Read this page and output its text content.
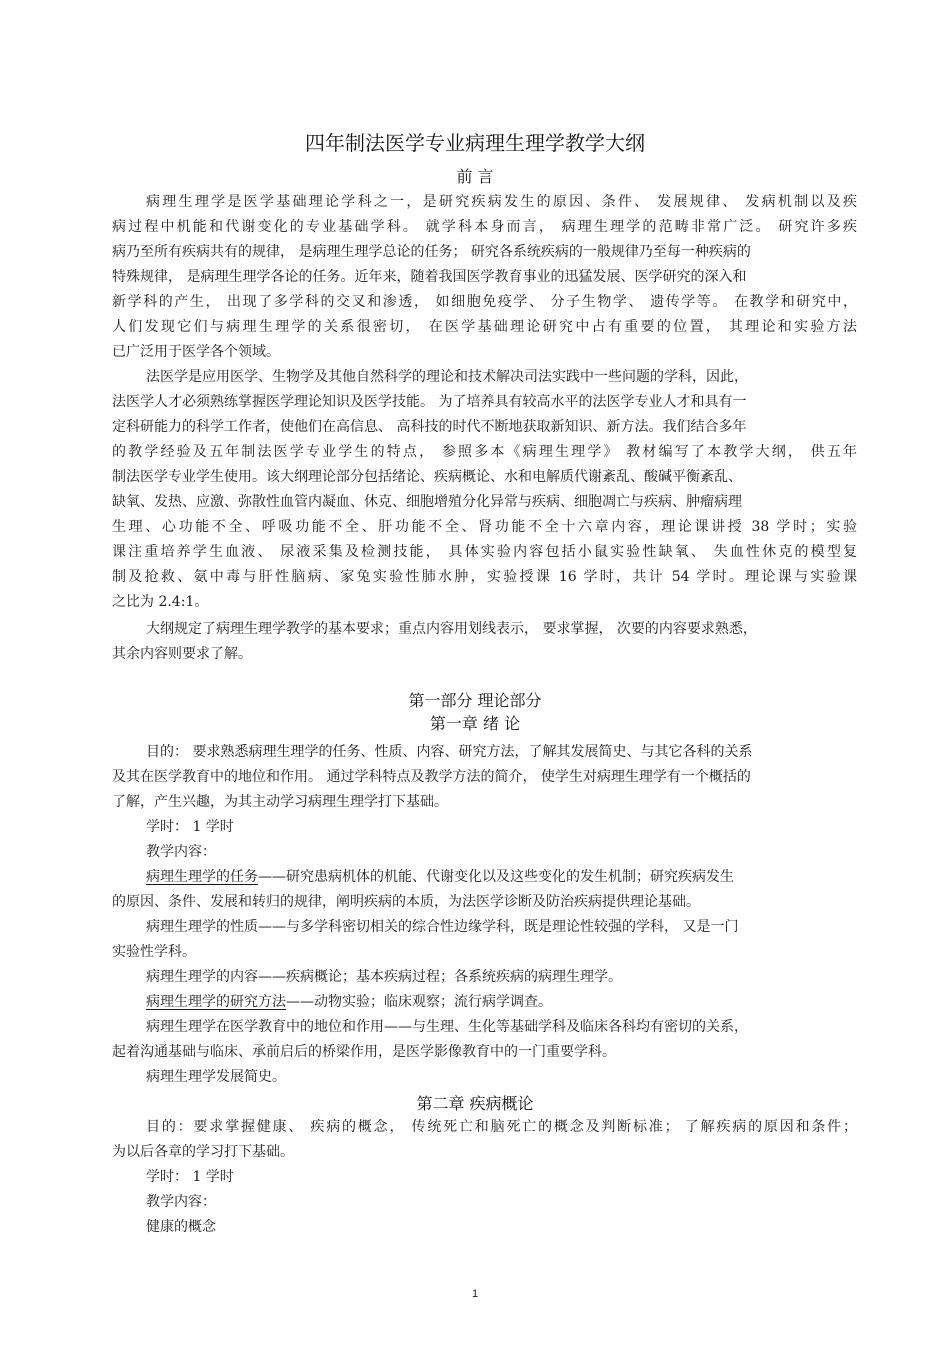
四年制法医学专业病理生理学教学大纲
前 言
病理生理学是医学基础理论学科之一，是研究疾病发生的原因、条件、 发展规律、 发病机制以及疾
病过程中机能和代谢变化的专业基础学科。 就学科本身而言， 病理生理学的范畴非常广泛。 研究许多疾
病乃至所有疾病共有的规律， 是病理生理学总论的任务； 研究各系统疾病的一般规律乃至每一种疾病的
特殊规律， 是病理生理学各论的任务。近年来，随着我国医学教育事业的迅猛发展、医学研究的深入和
新学科的产生， 出现了多学科的交叉和渗透， 如细胞免疫学、 分子生物学、 遗传学等。 在教学和研究中，
人们发现它们与病理生理学的关系很密切， 在医学基础理论研究中占有重要的位置， 其理论和实验方法
已广泛用于医学各个领域。
法医学是应用医学、生物学及其他自然科学的理论和技术解决司法实践中一些问题的学科，因此，
法医学人才必须熟练掌握医学理论知识及医学技能。 为了培养具有较高水平的法医学专业人才和具有一
定科研能力的科学工作者，使他们在高信息、 高科技的时代不断地获取新知识、新方法。我们结合多年
的教学经验及五年制法医学专业学生的特点， 参照多本《病理生理学》 教材编写了本教学大纲， 供五年
制法医学专业学生使用。该大纲理论部分包括绪论、疾病概论、水和电解质代谢紊乱、酸碱平衡紊乱、
缺氧、发热、应激、弥散性血管内凝血、休克、细胞增殖分化异常与疾病、细胞凋亡与疾病、肿瘤病理
生理、心功能不全、呼吸功能不全、肝功能不全、肾功能不全十六章内容，理论课讲授 38 学时；实验
课注重培养学生血液、 尿液采集及检测技能， 具体实验内容包括小鼠实验性缺氧、 失血性休克的模型复
制及抢救、氨中毒与肝性脑病、家兔实验性肺水肿，实验授课 16 学时，共计 54 学时。理论课与实验课
之比为 2.4:1。
大纲规定了病理生理学教学的基本要求；重点内容用划线表示， 要求掌握， 次要的内容要求熟悉，
其余内容则要求了解。
第一部分 理论部分
第一章 绪 论
目的： 要求熟悉病理生理学的任务、性质、内容、研究方法，了解其发展简史、与其它各科的关系
及其在医学教育中的地位和作用。 通过学科特点及教学方法的简介， 使学生对病理生理学有一个概括的
了解，产生兴趣，为其主动学习病理生理学打下基础。
学时： 1 学时
教学内容：
病理生理学的任务——研究患病机体的机能、代谢变化以及这些变化的发生机制；研究疾病发生
的原因、条件、发展和转归的规律，阐明疾病的本质，为法医学诊断及防治疾病提供理论基础。
病理生理学的性质——与多学科密切相关的综合性边缘学科，既是理论性较强的学科， 又是一门
实验性学科。
病理生理学的内容——疾病概论；基本疾病过程；各系统疾病的病理生理学。
病理生理学的研究方法——动物实验；临床观察；流行病学调查。
病理生理学在医学教育中的地位和作用——与生理、生化等基础学科及临床各科均有密切的关系，
起着沟通基础与临床、承前启后的桥梁作用，是医学影像教育中的一门重要学科。
病理生理学发展简史。
第二章 疾病概论
目的：要求掌握健康、 疾病的概念， 传统死亡和脑死亡的概念及判断标准； 了解疾病的原因和条件；
为以后各章的学习打下基础。
学时： 1 学时
教学内容：
健康的概念
1
